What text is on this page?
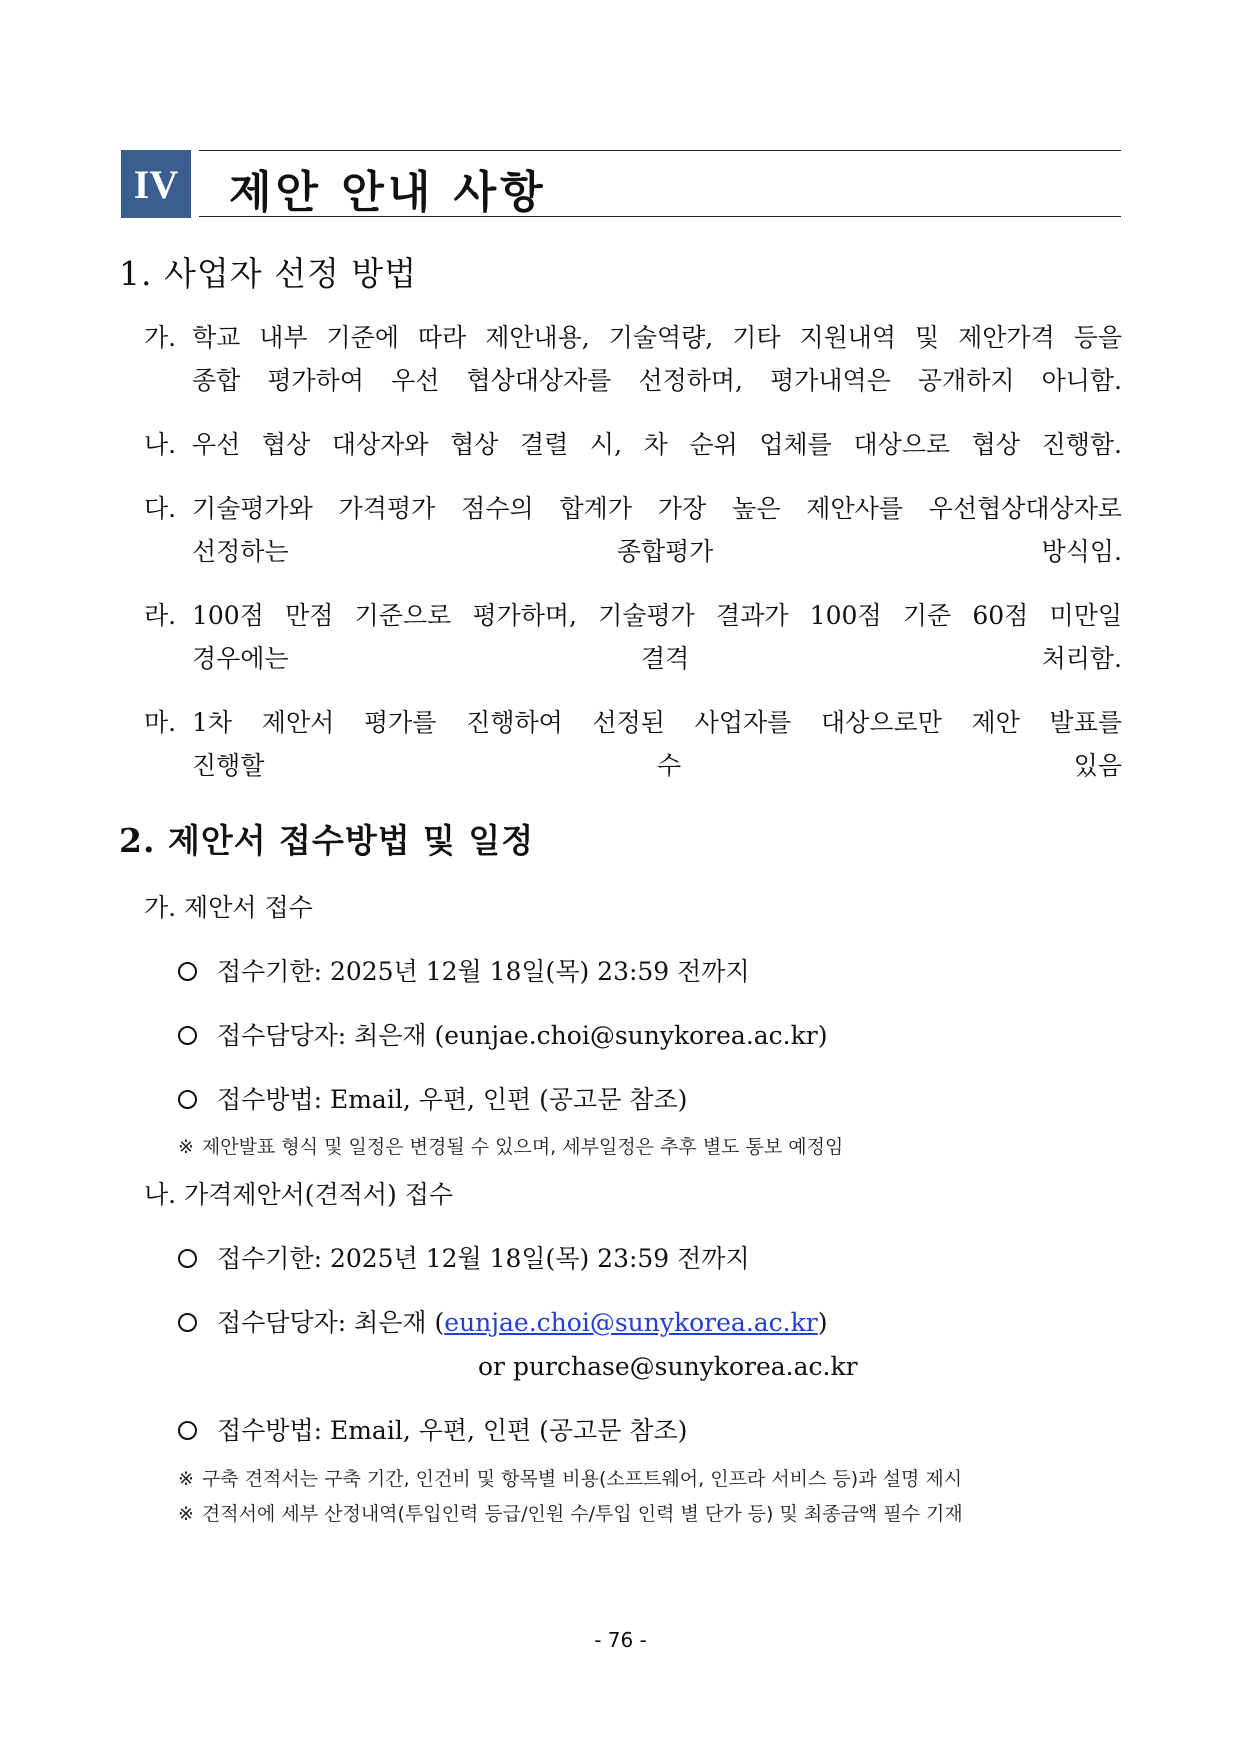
IV 제안 안내 사항
1. 사업자 선정 방법
가. 학교 내부 기준에 따라 제안내용, 기술역량, 기타 지원내역 및 제안가격 등을
종합 평가하여 우선 협상대상자를 선정하며, 평가내역은 공개하지 아니함.
나. 우선 협상 대상자와 협상 결렬 시, 차 순위 업체를 대상으로 협상 진행함.
다. 기술평가와 가격평가 점수의 합계가 가장 높은 제안사를 우선협상대상자로
선정하는 종합평가 방식임.
라. 100점 만점 기준으로 평가하며, 기술평가 결과가 100점 기준 60점 미만일
경우에는 결격 처리함.
마. 1차 제안서 평가를 진행하여 선정된 사업자를 대상으로만 제안 발표를
진행할 수 있음
2. 제안서 접수방법 및 일정
가. 제안서 접수
접수기한: 2025년 12월 18일(목) 23:59 전까지
접수담당자: 최은재 (eunjae.choi@sunykorea.ac.kr)
접수방법: Email, 우편, 인편 (공고문 참조)
※ 제안발표 형식 및 일정은 변경될 수 있으며, 세부일정은 추후 별도 통보 예정임
나. 가격제안서(견적서) 접수
접수기한: 2025년 12월 18일(목) 23:59 전까지
접수담당자: 최은재 (eunjae.choi@sunykorea.ac.kr)
or purchase@sunykorea.ac.kr
접수방법: Email, 우편, 인편 (공고문 참조)
※ 구축 견적서는 구축 기간, 인건비 및 항목별 비용(소프트웨어, 인프라 서비스 등)과 설명 제시
※ 견적서에 세부 산정내역(투입인력 등급/인원 수/투입 인력 별 단가 등) 및 최종금액 필수 기재
- 76 -
